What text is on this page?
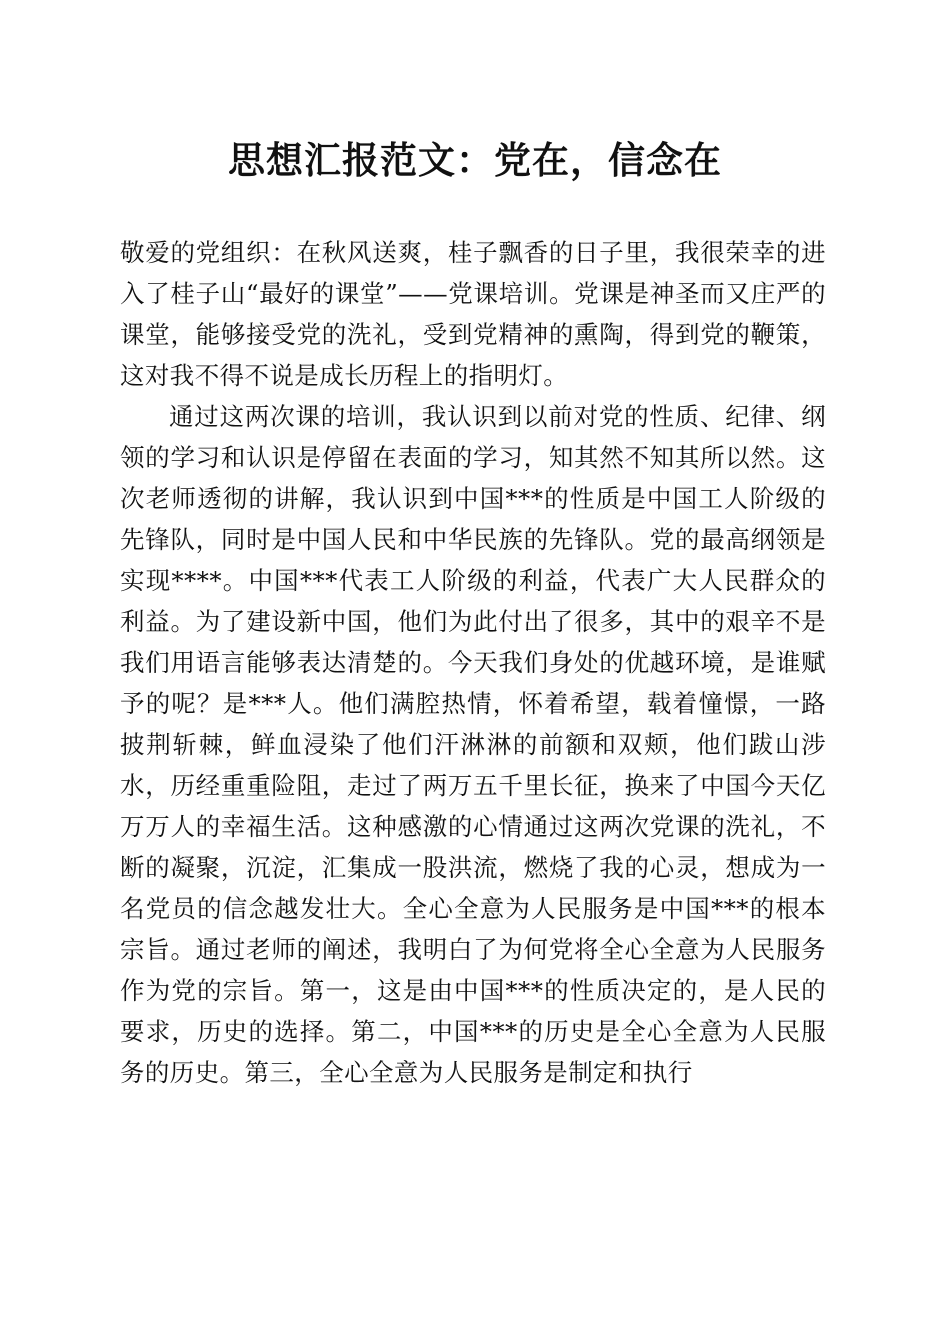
思想汇报范文：党在，信念在

敬爱的党组织：在秋风送爽，桂子飘香的日子里，我很荣幸的进入了桂子山“最好的课堂”——党课培训。党课是神圣而又庄严的课堂，能够接受党的洗礼，受到党精神的熏陶，得到党的鞭策，这对我不得不说是成长历程上的指明灯。

通过这两次课的培训，我认识到以前对党的性质、纪律、纲领的学习和认识是停留在表面的学习，知其然不知其所以然。这次老师透彻的讲解，我认识到中国***的性质是中国工人阶级的先锋队，同时是中国人民和中华民族的先锋队。党的最高纲领是实现****。中国***代表工人阶级的利益，代表广大人民群众的利益。为了建设新中国，他们为此付出了很多，其中的艰辛不是我们用语言能够表达清楚的。今天我们身处的优越环境，是谁赋予的呢？是***人。他们满腔热情，怀着希望，载着憧憬，一路披荆斩棘，鲜血浸染了他们汗淋淋的前额和双颊，他们跋山涉水，历经重重险阻，走过了两万五千里长征，换来了中国今天亿万万人的幸福生活。这种感激的心情通过这两次党课的洗礼，不断的凝聚，沉淀，汇集成一股洪流，燃烧了我的心灵，想成为一名党员的信念越发壮大。全心全意为人民服务是中国***的根本宗旨。通过老师的阐述，我明白了为何党将全心全意为人民服务作为党的宗旨。第一，这是由中国***的性质决定的，是人民的要求，历史的选择。第二，中国***的历史是全心全意为人民服务的历史。第三，全心全意为人民服务是制定和执行
